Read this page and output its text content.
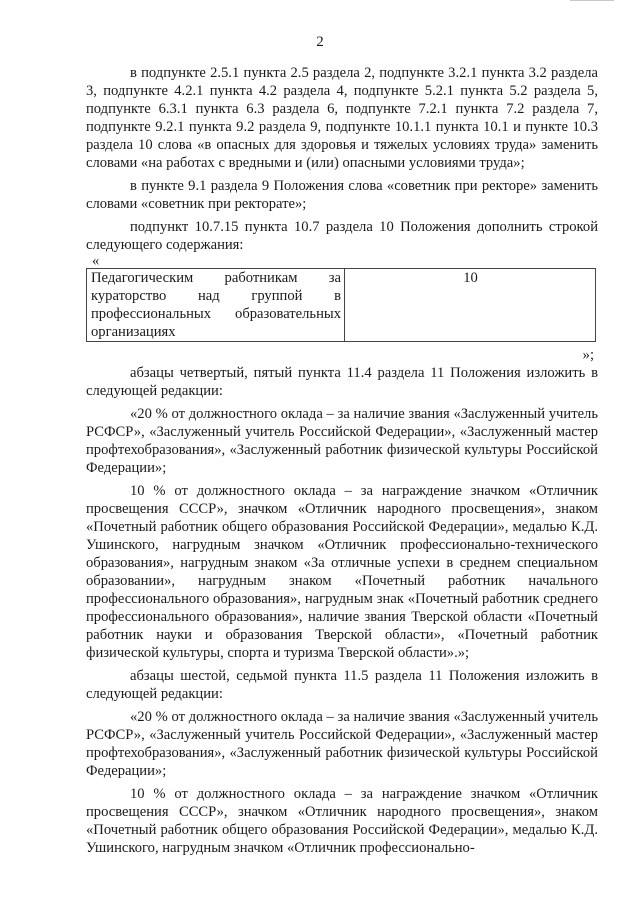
2

в подпункте 2.5.1 пункта 2.5 раздела 2, подпункте 3.2.1 пункта 3.2 раздела 3, подпункте 4.2.1 пункта 4.2 раздела 4, подпункте 5.2.1 пункта 5.2 раздела 5, подпункте 6.3.1 пункта 6.3 раздела 6, подпункте 7.2.1 пункта 7.2 раздела 7, подпункте 9.2.1 пункта 9.2 раздела 9, подпункте 10.1.1 пункта 10.1 и пункте 10.3 раздела 10 слова «в опасных для здоровья и тяжелых условиях труда» заменить словами «на работах с вредными и (или) опасными условиями труда»;

в пункте 9.1 раздела 9 Положения слова «советник при ректоре» заменить словами «советник при ректорате»;

подпункт 10.7.15 пункта 10.7 раздела 10 Положения дополнить строкой следующего содержания:

«
Педагогическим работникам за кураторство над группой в профессиональных образовательных организациях	10
»;

абзацы четвертый, пятый пункта 11.4 раздела 11 Положения изложить в следующей редакции:

«20 % от должностного оклада – за наличие звания «Заслуженный учитель РСФСР», «Заслуженный учитель Российской Федерации», «Заслуженный мастер профтехобразования», «Заслуженный работник физической культуры Российской Федерации»;

10 % от должностного оклада – за награждение значком «Отличник просвещения СССР», значком «Отличник народного просвещения», знаком «Почетный работник общего образования Российской Федерации», медалью К.Д. Ушинского, нагрудным значком «Отличник профессионально-технического образования», нагрудным знаком «За отличные успехи в среднем специальном образовании», нагрудным знаком «Почетный работник начального профессионального образования», нагрудным знак «Почетный работник среднего профессионального образования», наличие звания Тверской области «Почетный работник науки и образования Тверской области», «Почетный работник физической культуры, спорта и туризма Тверской области».»;

абзацы шестой, седьмой пункта 11.5 раздела 11 Положения изложить в следующей редакции:

«20 % от должностного оклада – за наличие звания «Заслуженный учитель РСФСР», «Заслуженный учитель Российской Федерации», «Заслуженный мастер профтехобразования», «Заслуженный работник физической культуры Российской Федерации»;

10 % от должностного оклада – за награждение значком «Отличник просвещения СССР», значком «Отличник народного просвещения», знаком «Почетный работник общего образования Российской Федерации», медалью К.Д. Ушинского, нагрудным значком «Отличник профессионально-
